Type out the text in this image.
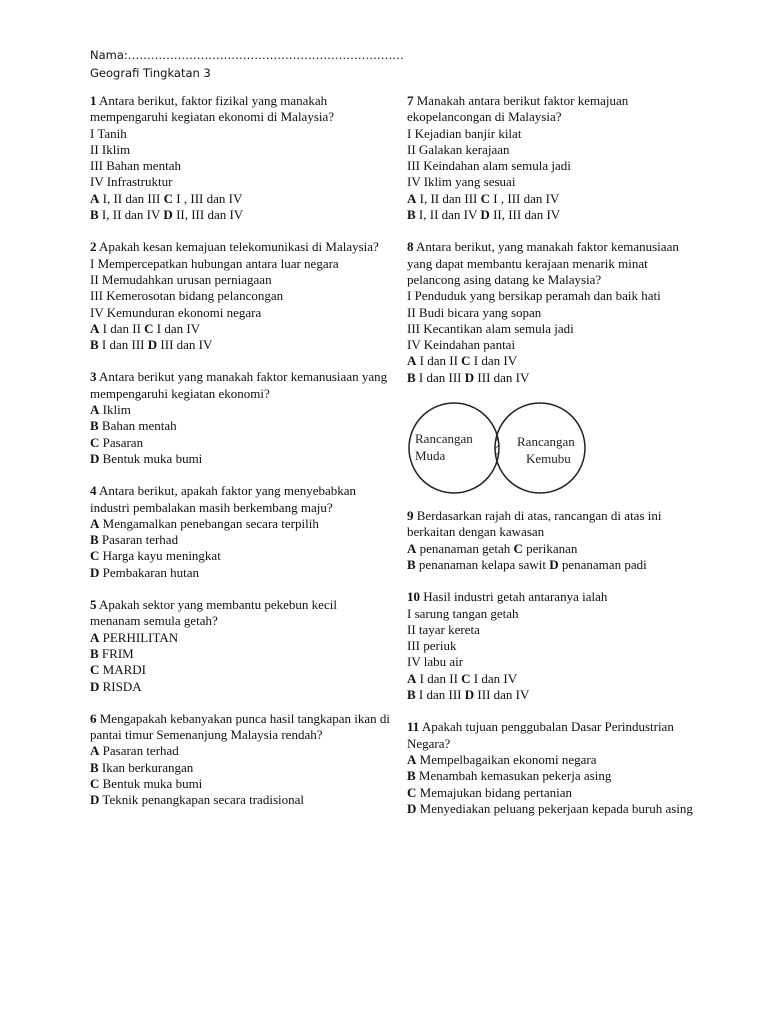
Nama:………………………………………………………………
Geografi Tingkatan 3
1 Antara berikut, faktor fizikal yang manakah mempengaruhi kegiatan ekonomi di Malaysia?
I Tanih
II Iklim
III Bahan mentah
IV Infrastruktur
A I, II dan III C I , III dan IV
B I, II dan IV D II, III dan IV
2 Apakah kesan kemajuan telekomunikasi di Malaysia?
I Mempercepatkan hubungan antara luar negara
II Memudahkan urusan perniagaan
III Kemerosotan bidang pelancongan
IV Kemunduran ekonomi negara
A I dan II C I dan IV
B I dan III D III dan IV
3 Antara berikut yang manakah faktor kemanusiaan yang mempengaruhi kegiatan ekonomi?
A Iklim
B Bahan mentah
C Pasaran
D Bentuk muka bumi
4 Antara berikut, apakah faktor yang menyebabkan industri pembalakan masih berkembang maju?
A Mengamalkan penebangan secara terpilih
B Pasaran terhad
C Harga kayu meningkat
D Pembakaran hutan
5 Apakah sektor yang membantu pekebun kecil menanam semula getah?
A PERHILITAN
B FRIM
C MARDI
D RISDA
6 Mengapakah kebanyakan punca hasil tangkapan ikan di pantai timur Semenanjung Malaysia rendah?
A Pasaran terhad
B Ikan berkurangan
C Bentuk muka bumi
D Teknik penangkapan secara tradisional
7 Manakah antara berikut faktor kemajuan ekopelancongan di Malaysia?
I Kejadian banjir kilat
II Galakan kerajaan
III Keindahan alam semula jadi
IV Iklim yang sesuai
A I, II dan III C I , III dan IV
B I, II dan IV D II, III dan IV
8 Antara berikut, yang manakah faktor kemanusiaan yang dapat membantu kerajaan menarik minat pelancong asing datang ke Malaysia?
I Penduduk yang bersikap peramah dan baik hati
II Budi bicara yang sopan
III Kecantikan alam semula jadi
IV Keindahan pantai
A I dan II C I dan IV
B I dan III D III dan IV
Rancangan
Muda
Rancangan
Kemubu
9 Berdasarkan rajah di atas, rancangan di atas ini berkaitan dengan kawasan
A penanaman getah C perikanan
B penanaman kelapa sawit D penanaman padi
10 Hasil industri getah antaranya ialah
I sarung tangan getah
II tayar kereta
III periuk
IV labu air
A I dan II C I dan IV
B I dan III D III dan IV
11 Apakah tujuan penggubalan Dasar Perindustrian Negara?
A Mempelbagaikan ekonomi negara
B Menambah kemasukan pekerja asing
C Memajukan bidang pertanian
D Menyediakan peluang pekerjaan kepada buruh asing
